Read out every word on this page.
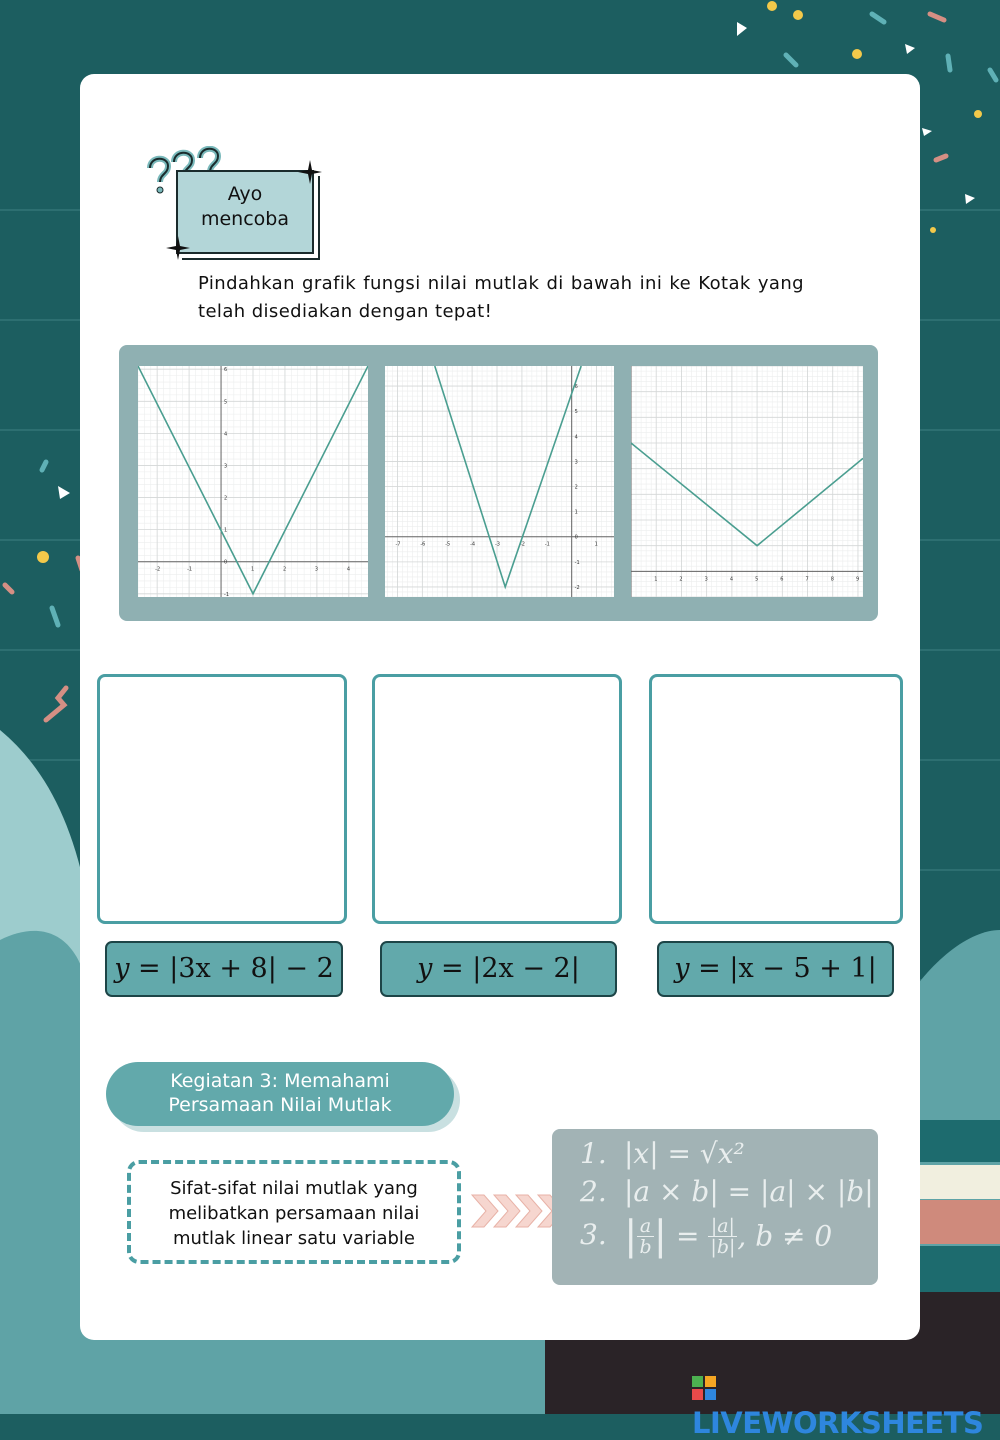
Ayo
mencoba
Pindahkan grafik fungsi nilai mutlak di bawah ini ke Kotak yang telah disediakan dengan tepat!
-2	-1	1	2	3	4
-1
0
1
2
3
4
5
6
-7	-6	-5	-4	-3	-2	-1	1
-2
-1
0
1
2
3
4
5
6
1	2	3	4	5	6	7	8	9
y = |3x + 8| − 2	y = |2x − 2|	y = |x − 5 + 1|
Kegiatan 3: Memahami
Persamaan Nilai Mutlak
Sifat-sifat nilai mutlak yang
melibatkan persamaan nilai
mutlak linear satu variable
1. |x| = √x²
2. |a × b| = |a| × |b|
3. | $\frac{a}{b}$ | = $\frac{|a|}{|b|}$ , b ≠ 0
LIVEWORKSHEETS
